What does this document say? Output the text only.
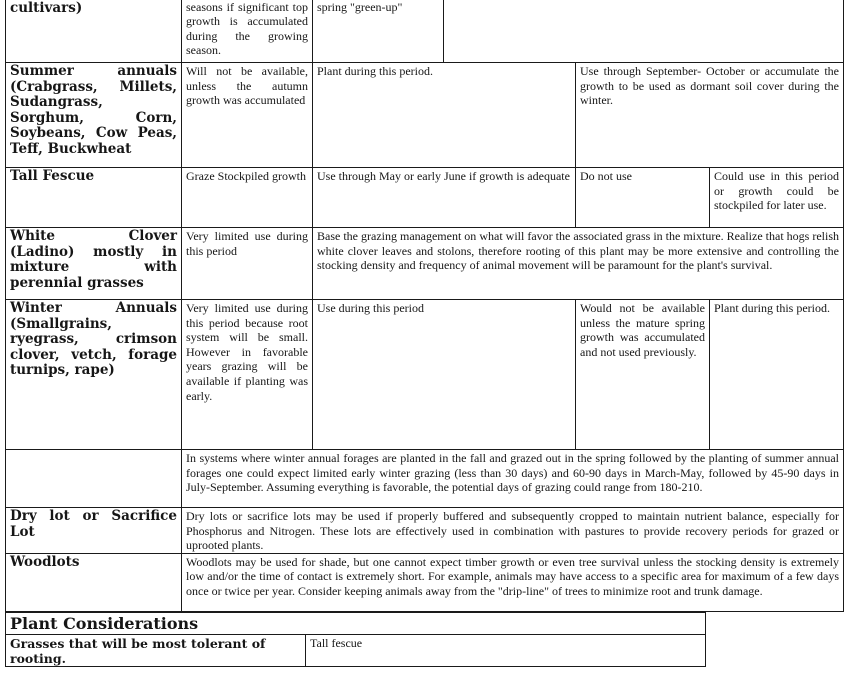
cultivars)	seasons if significant top growth is accumulated during the growing season.	spring "green-up"	
Summer annuals (Crabgrass, Millets, Sudangrass, Sorghum, Corn, Soybeans, Cow Peas, Teff, Buckwheat	Will not be available, unless the autumn growth was accumulated	Plant during this period.		Use through September- October or accumulate the growth to be used as dormant soil cover during the winter.	
Tall Fescue	Graze Stockpiled growth	Use through May or early June if growth is adequate		Do not use	Could use in this period or growth could be stockpiled for later use.
White Clover (Ladino) mostly in mixture with perennial grasses	Very limited use during this period	Base the grazing management on what will favor the associated grass in the mixture. Realize that hogs relish white clover leaves and stolons, therefore rooting of this plant may be more extensive and controlling the stocking density and frequency of animal movement will be paramount for the plant's survival.			
Winter Annuals (Smallgrains, ryegrass, crimson clover, vetch, forage turnips, rape)	Very limited use during this period because root system will be small. However in favorable years grazing will be available if planting was early.	Use during this period		Would not be available unless the mature spring growth was accumulated and not used previously.	Plant during this period.
	In systems where winter annual forages are planted in the fall and grazed out in the spring followed by the planting of summer annual forages one could expect limited early winter grazing (less than 30 days) and 60-90 days in March-May, followed by 45-90 days in July-September. Assuming everything is favorable, the potential days of grazing could range from 180-210.				
Dry lot or Sacrifice Lot	Dry lots or sacrifice lots may be used if properly buffered and subsequently cropped to maintain nutrient balance, especially for Phosphorus and Nitrogen. These lots are effectively used in combination with pastures to provide recovery periods for grazed or uprooted plants.				
Woodlots	Woodlots may be used for shade, but one cannot expect timber growth or even tree survival unless the stocking density is extremely low and/or the time of contact is extremely short. For example, animals may have access to a specific area for maximum of a few days once or twice per year. Consider keeping animals away from the "drip-line" of trees to minimize root and trunk damage.				
Plant Considerations
Grasses that will be most tolerant of rooting.	Tall fescue
